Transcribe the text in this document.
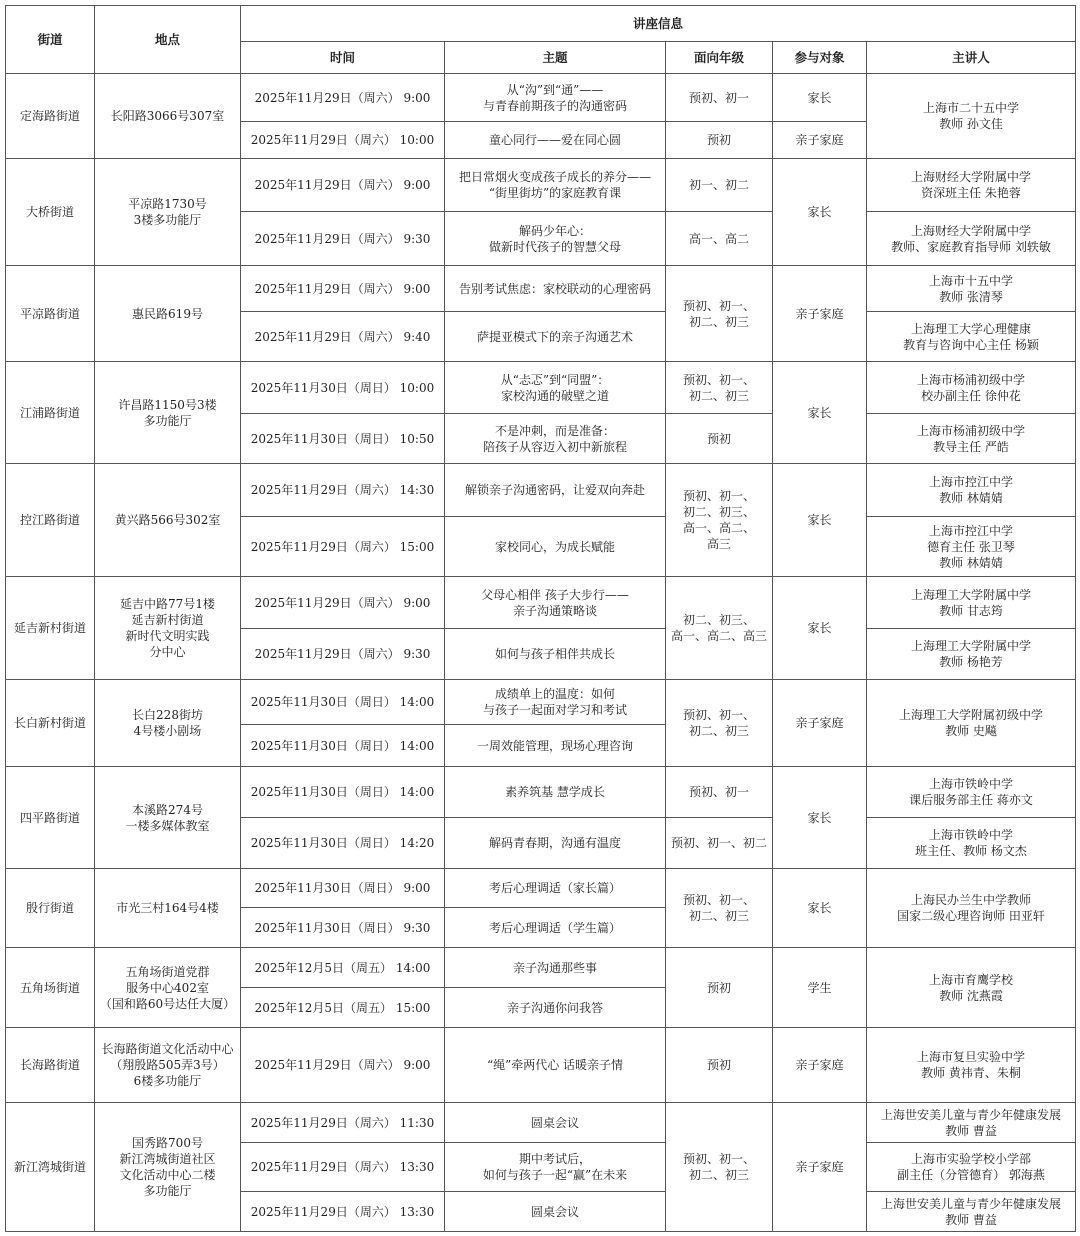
街道	地点	讲座信息				
		时间	主题	面向年级	参与对象	主讲人
定海路街道	长阳路3066号307室	2025年11月29日（周六） 9:00	从“沟”到“通”——
与青春前期孩子的沟通密码	预初、初一	家长	上海市二十五中学
教师 孙文佳
		2025年11月29日（周六） 10:00	童心同行——爱在同心圆	预初	亲子家庭	
大桥街道	平凉路1730号
3楼多功能厅	2025年11月29日（周六） 9:00	把日常烟火变成孩子成长的养分——
“街里街坊”的家庭教育课	初一、初二	家长	上海财经大学附属中学
资深班主任 朱艳蓉
		2025年11月29日（周六） 9:30	解码少年心：
做新时代孩子的智慧父母	高一、高二		上海财经大学附属中学
教师、家庭教育指导师 刘轶敏
平凉路街道	惠民路619号	2025年11月29日（周六） 9:00	告别考试焦虑：家校联动的心理密码	预初、初一、
初二、初三	亲子家庭	上海市十五中学
教师 张清琴
		2025年11月29日（周六） 9:40	萨提亚模式下的亲子沟通艺术			上海理工大学心理健康
教育与咨询中心主任 杨颖
江浦路街道	许昌路1150号3楼
多功能厅	2025年11月30日（周日） 10:00	从“忐忑”到“同盟”：
家校沟通的破壁之道	预初、初一、
初二、初三	家长	上海市杨浦初级中学
校办副主任 徐仲花
		2025年11月30日（周日） 10:50	不是冲刺，而是准备：
陪孩子从容迈入初中新旅程	预初		上海市杨浦初级中学
教导主任 严皓
控江路街道	黄兴路566号302室	2025年11月29日（周六） 14:30	解锁亲子沟通密码，让爱双向奔赴	预初、初一、
初二、初三、
高一、高二、
高三	家长	上海市控江中学
教师 林婧婧
		2025年11月29日（周六） 15:00	家校同心，为成长赋能			上海市控江中学
德育主任 张卫琴
教师 林婧婧
延吉新村街道	延吉中路77号1楼
延吉新村街道
新时代文明实践
分中心	2025年11月29日（周六） 9:00	父母心相伴 孩子大步行——
亲子沟通策略谈	初二、初三、
高一、高二、高三	家长	上海理工大学附属中学
教师 甘志筠
		2025年11月29日（周六） 9:30	如何与孩子相伴共成长			上海理工大学附属中学
教师 杨艳芳
长白新村街道	长白228街坊
4号楼小剧场	2025年11月30日（周日） 14:00	成绩单上的温度：如何
与孩子一起面对学习和考试	预初、初一、
初二、初三	亲子家庭	上海理工大学附属初级中学
教师 史飚
		2025年11月30日（周日） 14:00	一周效能管理，现场心理咨询			
四平路街道	本溪路274号
一楼多媒体教室	2025年11月30日（周日） 14:00	素养筑基 慧学成长	预初、初一	家长	上海市铁岭中学
课后服务部主任 蒋亦文
		2025年11月30日（周日） 14:20	解码青春期，沟通有温度	预初、初一、初二		上海市铁岭中学
班主任、教师 杨文杰
殷行街道	市光三村164号4楼	2025年11月30日（周日） 9:00	考后心理调适（家长篇）	预初、初一、
初二、初三	家长	上海民办兰生中学教师
国家二级心理咨询师 田亚轩
		2025年11月30日（周日） 9:30	考后心理调适（学生篇）			
五角场街道	五角场街道党群
服务中心402室
（国和路60号达任大厦）	2025年12月5日（周五） 14:00	亲子沟通那些事	预初	学生	上海市育鹰学校
教师 沈燕霞
		2025年12月5日（周五） 15:00	亲子沟通你问我答			
长海路街道	长海路街道文化活动中心
（翔殷路505弄3号）
6楼多功能厅	2025年11月29日（周六） 9:00	“绳”牵两代心 话暖亲子情	预初	亲子家庭	上海市复旦实验中学
教师 黄祎青、朱桐
新江湾城街道	国秀路700号
新江湾城街道社区
文化活动中心二楼
多功能厅	2025年11月29日（周六） 11:30	圆桌会议	预初、初一、
初二、初三	亲子家庭	上海世安美儿童与青少年健康发展
教师 曹益
		2025年11月29日（周六） 13:30	期中考试后，
如何与孩子一起“赢”在未来			上海市实验学校小学部
副主任（分管德育） 郭海燕
		2025年11月29日（周六） 13:30	圆桌会议			上海世安美儿童与青少年健康发展
教师 曹益
